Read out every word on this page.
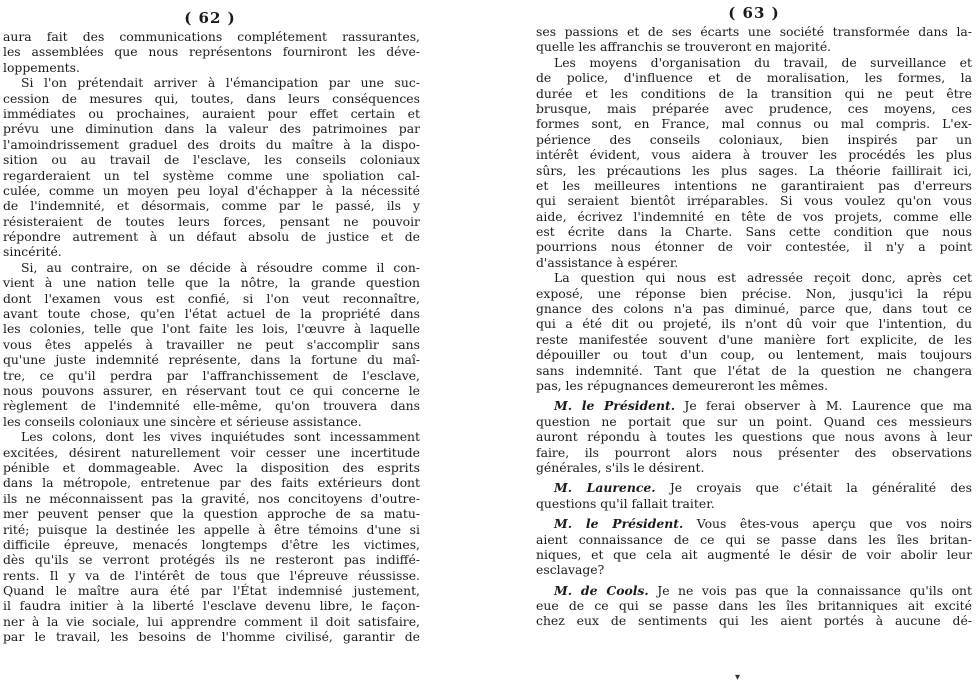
( 62 )
aura fait des communications complétement rassurantes,
les assemblées que nous représentons fourniront les déve-
loppements.
Si l'on prétendait arriver à l'émancipation par une suc-
cession de mesures qui, toutes, dans leurs conséquences
immédiates ou prochaines, auraient pour effet certain et
prévu une diminution dans la valeur des patrimoines par
l'amoindrissement graduel des droits du maître à la dispo-
sition ou au travail de l'esclave, les conseils coloniaux
regarderaient un tel système comme une spoliation cal-
culée, comme un moyen peu loyal d'échapper à la nécessité
de l'indemnité, et désormais, comme par le passé, ils y
résisteraient de toutes leurs forces, pensant ne pouvoir
répondre autrement à un défaut absolu de justice et de
sincérité.
Si, au contraire, on se décide à résoudre comme il con-
vient à une nation telle que la nôtre, la grande question
dont l'examen vous est confié, si l'on veut reconnaître,
avant toute chose, qu'en l'état actuel de la propriété dans
les colonies, telle que l'ont faite les lois, l'œuvre à laquelle
vous êtes appelés à travailler ne peut s'accomplir sans
qu'une juste indemnité représente, dans la fortune du maî-
tre, ce qu'il perdra par l'affranchissement de l'esclave,
nous pouvons assurer, en réservant tout ce qui concerne le
règlement de l'indemnité elle-même, qu'on trouvera dans
les conseils coloniaux une sincère et sérieuse assistance.
Les colons, dont les vives inquiétudes sont incessamment
excitées, désirent naturellement voir cesser une incertitude
pénible et dommageable. Avec la disposition des esprits
dans la métropole, entretenue par des faits extérieurs dont
ils ne méconnaissent pas la gravité, nos concitoyens d'outre-
mer peuvent penser que la question approche de sa matu-
rité; puisque la destinée les appelle à être témoins d'une si
difficile épreuve, menacés longtemps d'être les victimes,
dès qu'ils se verront protégés ils ne resteront pas indiffé-
rents. Il y va de l'intérêt de tous que l'épreuve réussisse.
Quand le maître aura été par l'État indemnisé justement,
il faudra initier à la liberté l'esclave devenu libre, le façon-
ner à la vie sociale, lui apprendre comment il doit satisfaire,
par le travail, les besoins de l'homme civilisé, garantir de
( 63 )
ses passions et de ses écarts une société transformée dans la-
quelle les affranchis se trouveront en majorité.
Les moyens d'organisation du travail, de surveillance et
de police, d'influence et de moralisation, les formes, la
durée et les conditions de la transition qui ne peut être
brusque, mais préparée avec prudence, ces moyens, ces
formes sont, en France, mal connus ou mal compris. L'ex-
périence des conseils coloniaux, bien inspirés par un
intérêt évident, vous aidera à trouver les procédés les plus
sûrs, les précautions les plus sages. La théorie faillirait ici,
et les meilleures intentions ne garantiraient pas d'erreurs
qui seraient bientôt irréparables. Si vous voulez qu'on vous
aide, écrivez l'indemnité en tête de vos projets, comme elle
est écrite dans la Charte. Sans cette condition que nous
pourrions nous étonner de voir contestée, il n'y a point
d'assistance à espérer.
La question qui nous est adressée reçoit donc, après cet
exposé, une réponse bien précise. Non, jusqu'ici la répu
gnance des colons n'a pas diminué, parce que, dans tout ce
qui a été dit ou projeté, ils n'ont dû voir que l'intention, du
reste manifestée souvent d'une manière fort explicite, de les
dépouiller ou tout d'un coup, ou lentement, mais toujours
sans indemnité. Tant que l'état de la question ne changera
pas, les répugnances demeureront les mêmes.
M. le Président. Je ferai observer à M. Laurence que ma
question ne portait que sur un point. Quand ces messieurs
auront répondu à toutes les questions que nous avons à leur
faire, ils pourront alors nous présenter des observations
générales, s'ils le désirent.
M. Laurence. Je croyais que c'était la généralité des
questions qu'il fallait traiter.
M. le Président. Vous êtes-vous aperçu que vos noirs
aient connaissance de ce qui se passe dans les îles britan-
niques, et que cela ait augmenté le désir de voir abolir leur
esclavage?
M. de Cools. Je ne vois pas que la connaissance qu'ils ont
eue de ce qui se passe dans les îles britanniques ait excité
chez eux de sentiments qui les aient portés à aucune dé-
▾
